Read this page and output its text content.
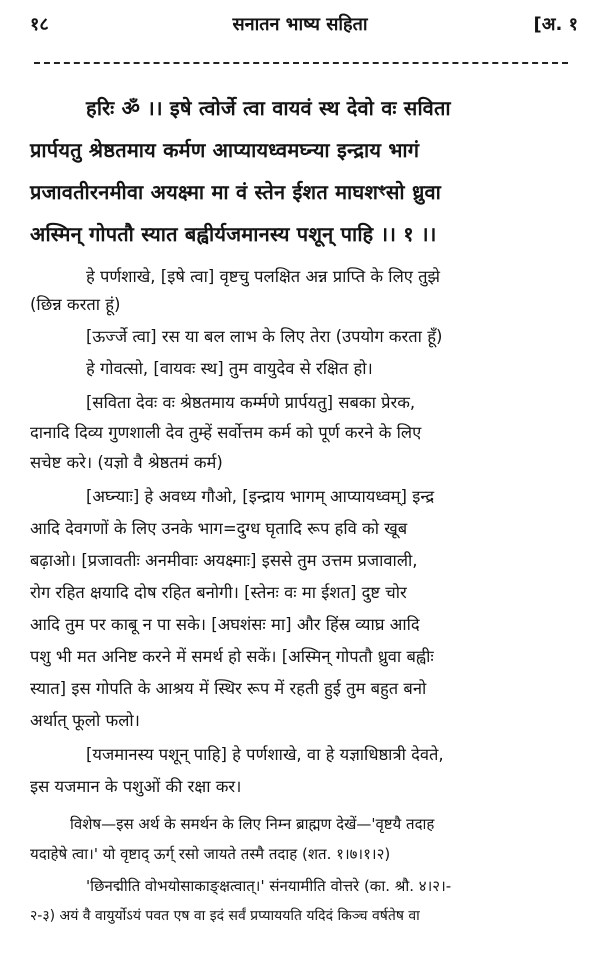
१८	सनातन भाष्य सहिता	[अ. १
हरिः ॐ ।। इषे त्वोर्जे त्वा वायवं स्थ देवो वः सविता
प्रार्पयतु श्रेष्ठतमाय कर्मण आप्यायध्वमघ्न्या इन्द्राय भागं
प्रजावतीरनमीवा अयक्ष्मा मा वं स्तेन ईशत माघशꣳसो ध्रुवा
अस्मिन् गोपतौ स्यात बह्वीर्यजमानस्य पशून् पाहि ।। १ ।।
हे पर्णशाखे, [इषे त्वा] वृष्टचु पलक्षित अन्न प्राप्ति के लिए तुझे
(छिन्न करता हूं)
[ऊर्ज्जे त्वा] रस या बल लाभ के लिए तेरा (उपयोग करता हूँ)
हे गोवत्सो, [वायवः स्थ] तुम वायुदेव से रक्षित हो।
[सविता देवः वः श्रेष्ठतमाय कर्म्मणे प्रार्पयतु] सबका प्रेरक,
दानादि दिव्य गुणशाली देव तुम्हें सर्वोत्तम कर्म को पूर्ण करने के लिए
सचेष्ट करे। (यज्ञो वै श्रेष्ठतमं कर्म)
[अघ्न्याः] हे अवध्य गौओ, [इन्द्राय भागम् आप्यायध्वम्] इन्द्र
आदि देवगणों के लिए उनके भाग=दुग्ध घृतादि रूप हवि को खूब
बढ़ाओ। [प्रजावतीः अनमीवाः अयक्ष्माः] इससे तुम उत्तम प्रजावाली,
रोग रहित क्षयादि दोष रहित बनोगी। [स्तेनः वः मा ईशत] दुष्ट चोर
आदि तुम पर काबू न पा सके। [अघशंसः मा] और हिंस्र व्याघ्र आदि
पशु भी मत अनिष्ट करने में समर्थ हो सकें। [अस्मिन् गोपतौ ध्रुवा बह्वीः
स्यात] इस गोपति के आश्रय में स्थिर रूप में रहती हुई तुम बहुत बनो
अर्थात् फूलो फलो।
[यजमानस्य पशून् पाहि] हे पर्णशाखे, वा हे यज्ञाधिष्ठात्री देवते,
इस यजमान के पशुओं की रक्षा कर।
विशेष—इस अर्थ के समर्थन के लिए निम्न ब्राह्मण देखें—'वृष्टयै तदाह
यदाहेषे त्वा।' यो वृष्टाद् ऊर्ग् रसो जायते तस्मै तदाह (शत. १।७।१।२)
'छिनद्मीति वोभयोसाकाङ्क्षत्वात्।' संनयामीति वोत्तरे (का. श्रौ. ४।२।-
२-३) अयं वै वायुर्योऽयं पवत एष वा इदं सर्वं प्रप्याययति यदिदं किञ्च वर्षतेष वा
